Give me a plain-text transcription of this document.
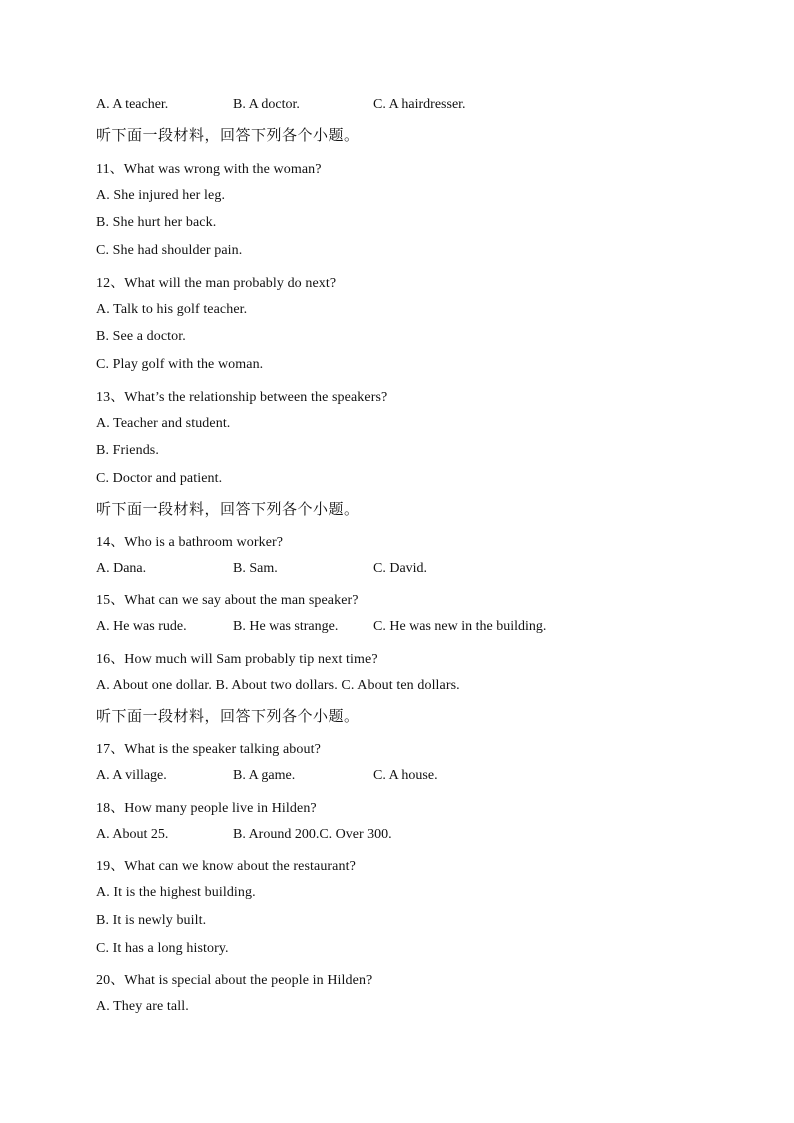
A. A teacher.	B. A doctor.	C. A hairdresser.
听下面一段材料，回答下列各个小题。
11、What was wrong with the woman?
A. She injured her leg.
B. She hurt her back.
C. She had shoulder pain.
12、What will the man probably do next?
A. Talk to his golf teacher.
B. See a doctor.
C. Play golf with the woman.
13、What’s the relationship between the speakers?
A. Teacher and student.
B. Friends.
C. Doctor and patient.
听下面一段材料，回答下列各个小题。
14、Who is a bathroom worker?
A. Dana.	B. Sam.	C. David.
15、What can we say about the man speaker?
A. He was rude.	B. He was strange. C. He was new in the building.
16、How much will Sam probably tip next time?
A. About one dollar. B. About two dollars. C. About ten dollars.
听下面一段材料，回答下列各个小题。
17、What is the speaker talking about?
A. A village.	B. A game.	C. A house.
18、How many people live in Hilden?
A. About 25.	B. Around 200.C. Over 300.
19、What can we know about the restaurant?
A. It is the highest building.
B. It is newly built.
C. It has a long history.
20、What is special about the people in Hilden?
A. They are tall.
